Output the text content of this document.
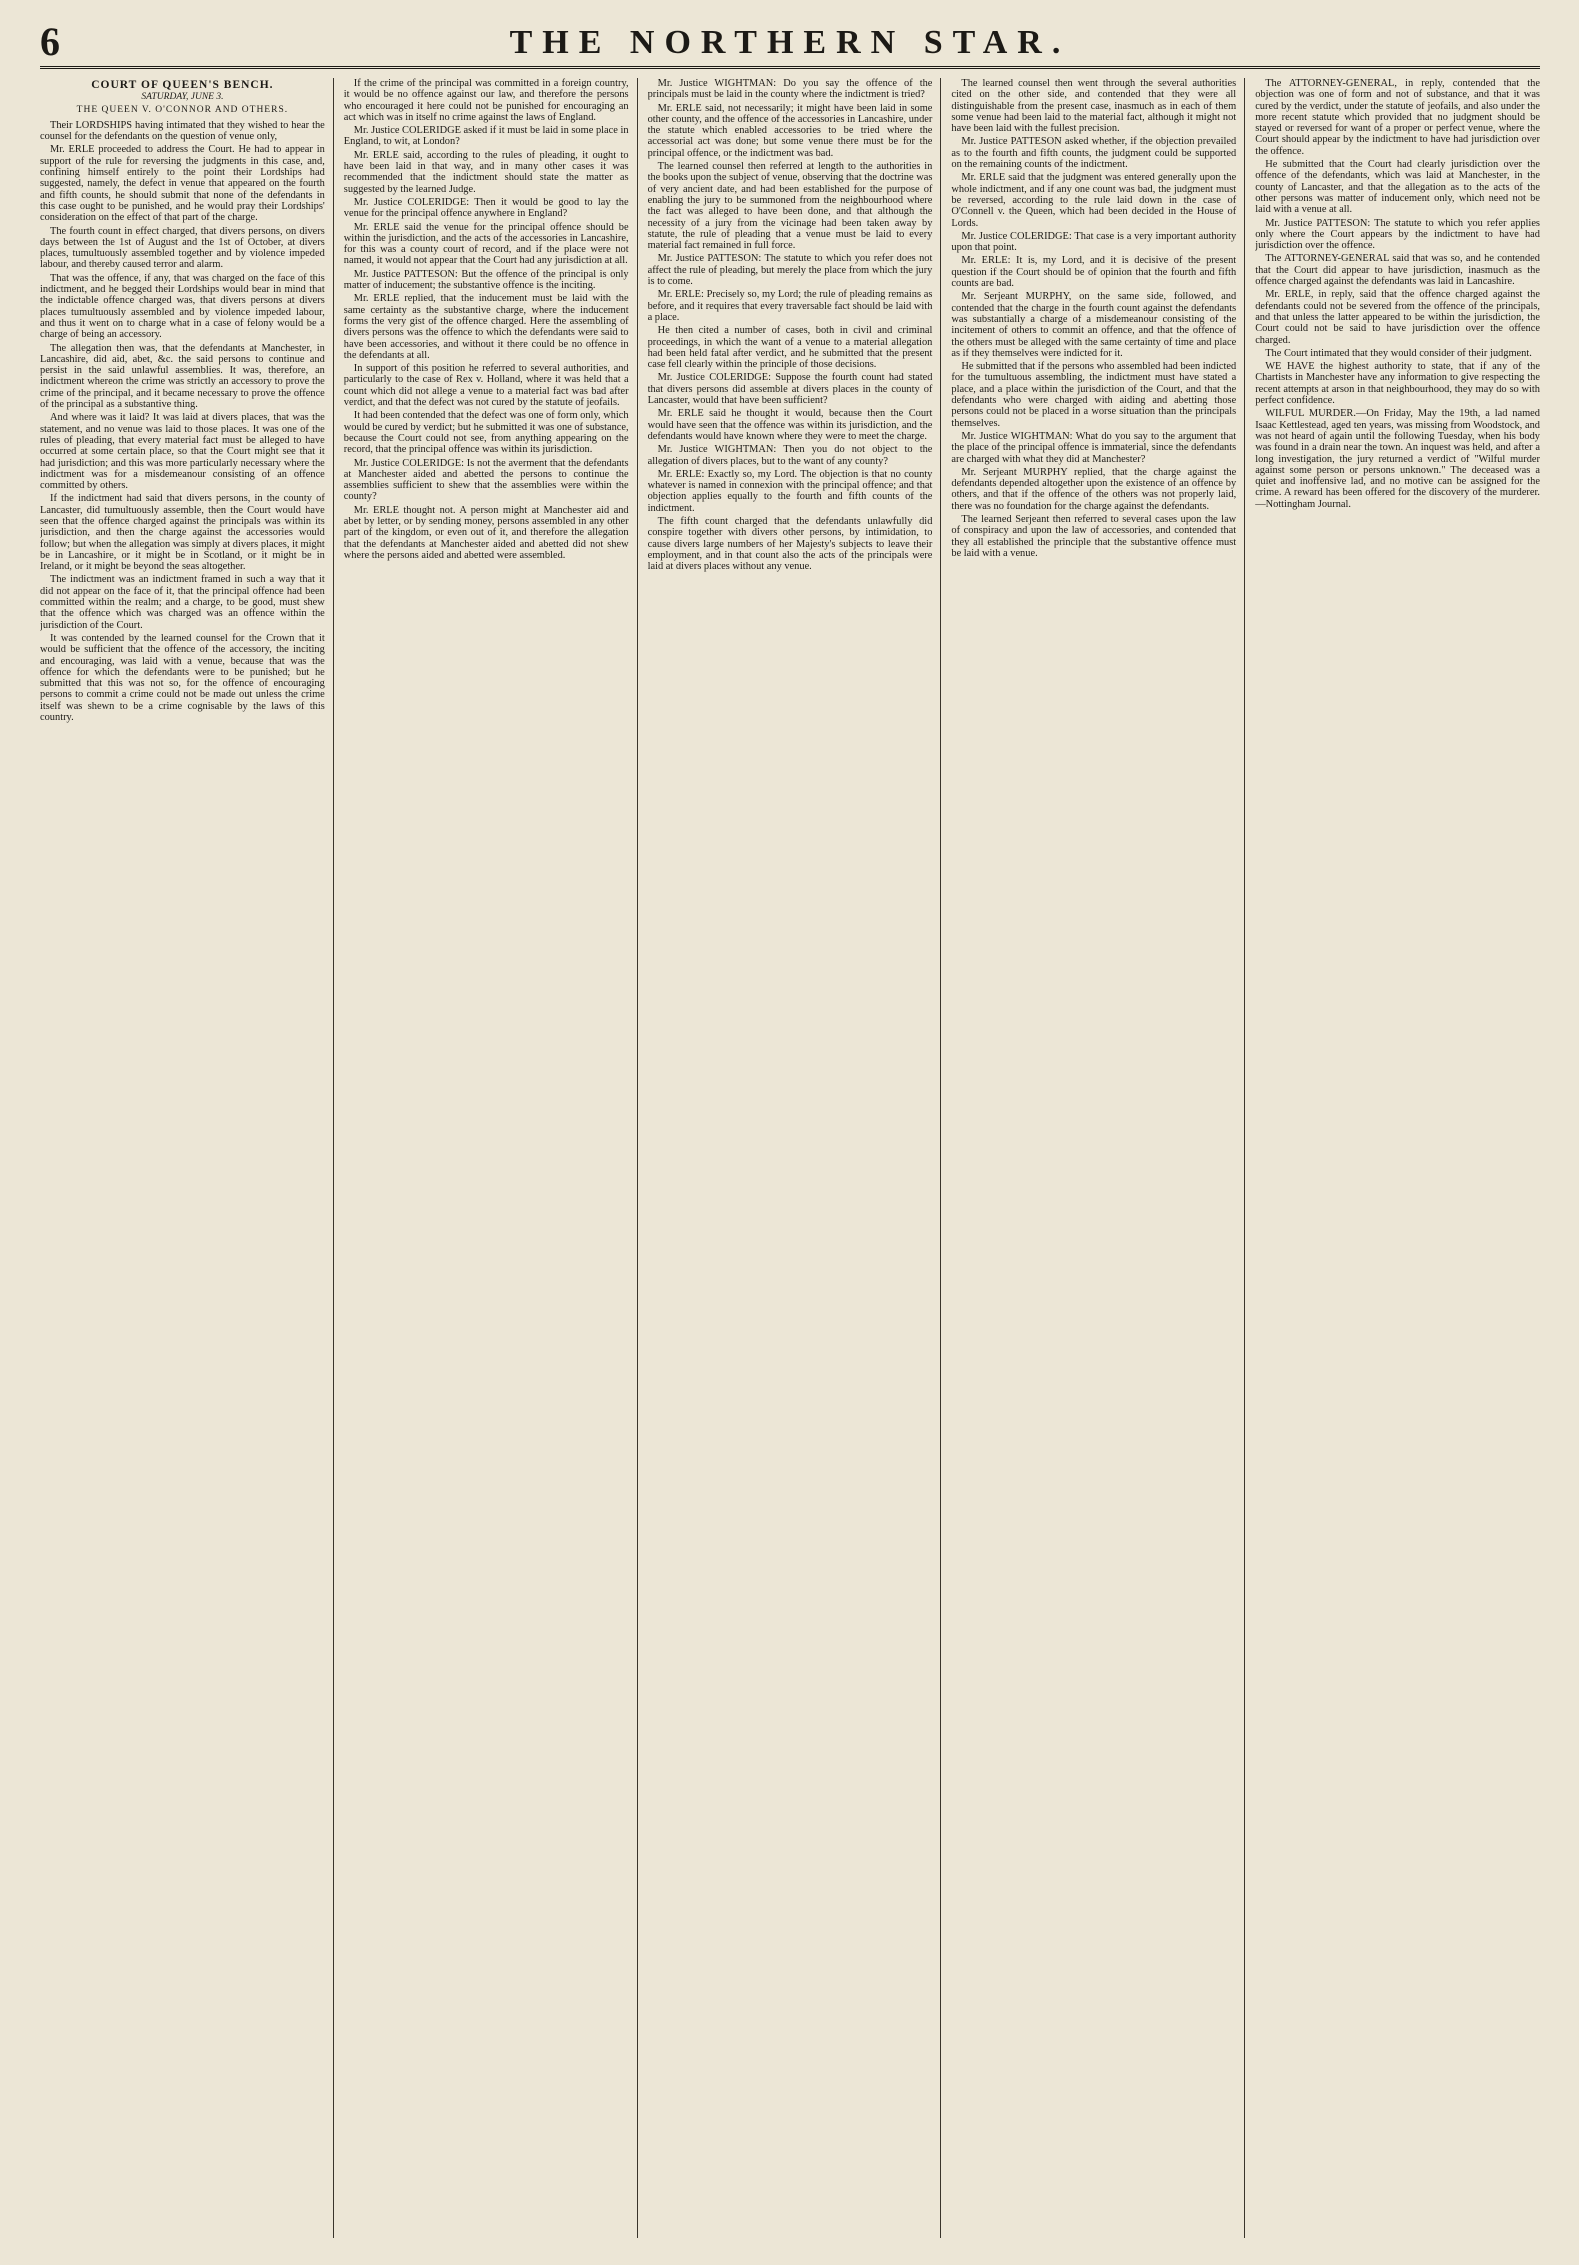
6	THE NORTHERN STAR.
COURT OF QUEEN'S BENCH.
SATURDAY, JUNE 3.
THE QUEEN V. O'CONNOR AND OTHERS.

Their LORDSHIPS having intimated that they wished to hear the counsel for the defendants on the question of venue only,

Mr. ERLE proceeded to address the Court. He had to appear in support of the rule for reversing the judgments in this case, and, confining himself entirely to the point their Lordships had suggested, namely, the defect in venue that appeared on the fourth and fifth counts, he should submit that none of the defendants in this case ought to be punished, and he would pray their Lordships' consideration on the effect of that part of the charge.

The fourth count in effect charged, that divers persons, on divers days between the 1st of August and the 1st of October, at divers places, tumultuously assembled together and by violence impeded labour, and thereby caused terror and alarm.

That was the offence, if any, that was charged on the face of this indictment, and he begged their Lordships would bear in mind that the indictable offence charged was, that divers persons at divers places tumultuously assembled and by violence impeded labour, and thus it went on to charge what in a case of felony would be a charge of being an accessory.

The allegation then was, that the defendants at Manchester, in Lancashire, did aid, abet, &c. the said persons to continue and persist in the said unlawful assemblies. It was, therefore, an indictment whereon the crime was strictly an accessory to prove the crime of the principal, and it became necessary to prove the offence of the principal as a substantive thing.

And where was it laid? It was laid at divers places, that was the statement, and no venue was laid to those places. It was one of the rules of pleading, that every material fact must be alleged to have occurred at some certain place, so that the Court might see that it had jurisdiction; and this was more particularly necessary where the indictment was for a misdemeanour consisting of an offence committed by others.

If the indictment had said that divers persons, in the county of Lancaster, did tumultuously assemble, then the Court would have seen that the offence charged against the principals was within its jurisdiction, and then the charge against the accessories would follow; but when the allegation was simply at divers places, it might be in Lancashire, or it might be in Scotland, or it might be in Ireland, or it might be beyond the seas altogether.

The indictment was an indictment framed in such a way that it did not appear on the face of it, that the principal offence had been committed within the realm; and a charge, to be good, must shew that the offence which was charged was an offence within the jurisdiction of the Court.

It was contended by the learned counsel for the Crown that it would be sufficient that the offence of the accessory, the inciting and encouraging, was laid with a venue, because that was the offence for which the defendants were to be punished; but he submitted that this was not so, for the offence of encouraging persons to commit a crime could not be made out unless the crime itself was shewn to be a crime cognisable by the laws of this country.

If the crime of the principal was committed in a foreign country, it would be no offence against our law, and therefore the persons who encouraged it here could not be punished for encouraging an act which was in itself no crime against the laws of England.

Mr. Justice COLERIDGE asked if it must be laid in some place in England, to wit, at London?

Mr. ERLE said, according to the rules of pleading, it ought to have been laid in that way, and in many other cases it was recommended that the indictment should state the matter as suggested by the learned Judge.

Mr. Justice COLERIDGE: Then it would be good to lay the venue for the principal offence anywhere in England?

Mr. ERLE said the venue for the principal offence should be within the jurisdiction, and the acts of the accessories in Lancashire, for this was a county court of record, and if the place were not named, it would not appear that the Court had any jurisdiction at all.

Mr. Justice PATTESON: But the offence of the principal is only matter of inducement; the substantive offence is the inciting.

Mr. ERLE replied, that the inducement must be laid with the same certainty as the substantive charge, where the inducement forms the very gist of the offence charged. Here the assembling of divers persons was the offence to which the defendants were said to have been accessories, and without it there could be no offence in the defendants at all.

In support of this position he referred to several authorities, and particularly to the case of Rex v. Holland, where it was held that a count which did not allege a venue to a material fact was bad after verdict, and that the defect was not cured by the statute of jeofails.

It had been contended that the defect was one of form only, which would be cured by verdict; but he submitted it was one of substance, because the Court could not see, from anything appearing on the record, that the principal offence was within its jurisdiction.

Mr. Justice COLERIDGE: Is not the averment that the defendants at Manchester aided and abetted the persons to continue the assemblies sufficient to shew that the assemblies were within the county?

Mr. ERLE thought not. A person might at Manchester aid and abet by letter, or by sending money, persons assembled in any other part of the kingdom, or even out of it, and therefore the allegation that the defendants at Manchester aided and abetted did not shew where the persons aided and abetted were assembled.

Mr. Justice WIGHTMAN: Do you say the offence of the principals must be laid in the county where the indictment is tried?

Mr. ERLE said, not necessarily; it might have been laid in some other county, and the offence of the accessories in Lancashire, under the statute which enabled accessories to be tried where the accessorial act was done; but some venue there must be for the principal offence, or the indictment was bad.

The learned counsel then referred at length to the authorities in the books upon the subject of venue, observing that the doctrine was of very ancient date, and had been established for the purpose of enabling the jury to be summoned from the neighbourhood where the fact was alleged to have been done, and that although the necessity of a jury from the vicinage had been taken away by statute, the rule of pleading that a venue must be laid to every material fact remained in full force.

Mr. Justice PATTESON: The statute to which you refer does not affect the rule of pleading, but merely the place from which the jury is to come.

Mr. ERLE: Precisely so, my Lord; the rule of pleading remains as before, and it requires that every traversable fact should be laid with a place.

He then cited a number of cases, both in civil and criminal proceedings, in which the want of a venue to a material allegation had been held fatal after verdict, and he submitted that the present case fell clearly within the principle of those decisions.

Mr. Justice COLERIDGE: Suppose the fourth count had stated that divers persons did assemble at divers places in the county of Lancaster, would that have been sufficient?

Mr. ERLE said he thought it would, because then the Court would have seen that the offence was within its jurisdiction, and the defendants would have known where they were to meet the charge.

Mr. Justice WIGHTMAN: Then you do not object to the allegation of divers places, but to the want of any county?

Mr. ERLE: Exactly so, my Lord. The objection is that no county whatever is named in connexion with the principal offence; and that objection applies equally to the fourth and fifth counts of the indictment.

The fifth count charged that the defendants unlawfully did conspire together with divers other persons, by intimidation, to cause divers large numbers of her Majesty's subjects to leave their employment, and in that count also the acts of the principals were laid at divers places without any venue.

The learned counsel then went through the several authorities cited on the other side, and contended that they were all distinguishable from the present case, inasmuch as in each of them some venue had been laid to the material fact, although it might not have been laid with the fullest precision.

Mr. Justice PATTESON asked whether, if the objection prevailed as to the fourth and fifth counts, the judgment could be supported on the remaining counts of the indictment.

Mr. ERLE said that the judgment was entered generally upon the whole indictment, and if any one count was bad, the judgment must be reversed, according to the rule laid down in the case of O'Connell v. the Queen, which had been decided in the House of Lords.

Mr. Justice COLERIDGE: That case is a very important authority upon that point.

Mr. ERLE: It is, my Lord, and it is decisive of the present question if the Court should be of opinion that the fourth and fifth counts are bad.

Mr. Serjeant MURPHY, on the same side, followed, and contended that the charge in the fourth count against the defendants was substantially a charge of a misdemeanour consisting of the incitement of others to commit an offence, and that the offence of the others must be alleged with the same certainty of time and place as if they themselves were indicted for it.

He submitted that if the persons who assembled had been indicted for the tumultuous assembling, the indictment must have stated a place, and a place within the jurisdiction of the Court, and that the defendants who were charged with aiding and abetting those persons could not be placed in a worse situation than the principals themselves.

Mr. Justice WIGHTMAN: What do you say to the argument that the place of the principal offence is immaterial, since the defendants are charged with what they did at Manchester?

Mr. Serjeant MURPHY replied, that the charge against the defendants depended altogether upon the existence of an offence by others, and that if the offence of the others was not properly laid, there was no foundation for the charge against the defendants.

The learned Serjeant then referred to several cases upon the law of conspiracy and upon the law of accessories, and contended that they all established the principle that the substantive offence must be laid with a venue.

The ATTORNEY-GENERAL, in reply, contended that the objection was one of form and not of substance, and that it was cured by the verdict, under the statute of jeofails, and also under the more recent statute which provided that no judgment should be stayed or reversed for want of a proper or perfect venue, where the Court should appear by the indictment to have had jurisdiction over the offence.

He submitted that the Court had clearly jurisdiction over the offence of the defendants, which was laid at Manchester, in the county of Lancaster, and that the allegation as to the acts of the other persons was matter of inducement only, which need not be laid with a venue at all.

Mr. Justice PATTESON: The statute to which you refer applies only where the Court appears by the indictment to have had jurisdiction over the offence.

The ATTORNEY-GENERAL said that was so, and he contended that the Court did appear to have jurisdiction, inasmuch as the offence charged against the defendants was laid in Lancashire.

Mr. ERLE, in reply, said that the offence charged against the defendants could not be severed from the offence of the principals, and that unless the latter appeared to be within the jurisdiction, the Court could not be said to have jurisdiction over the offence charged.

The Court intimated that they would consider of their judgment.

WE HAVE the highest authority to state, that if any of the Chartists in Manchester have any information to give respecting the recent attempts at arson in that neighbourhood, they may do so with perfect confidence.

WILFUL MURDER.—On Friday, May the 19th, a lad named Isaac Kettlestead, aged ten years, was missing from Woodstock, and was not heard of again until the following Tuesday, when his body was found in a drain near the town. An inquest was held, and after a long investigation, the jury returned a verdict of "Wilful murder against some person or persons unknown." The deceased was a quiet and inoffensive lad, and no motive can be assigned for the crime. A reward has been offered for the discovery of the murderer.—Nottingham Journal.
